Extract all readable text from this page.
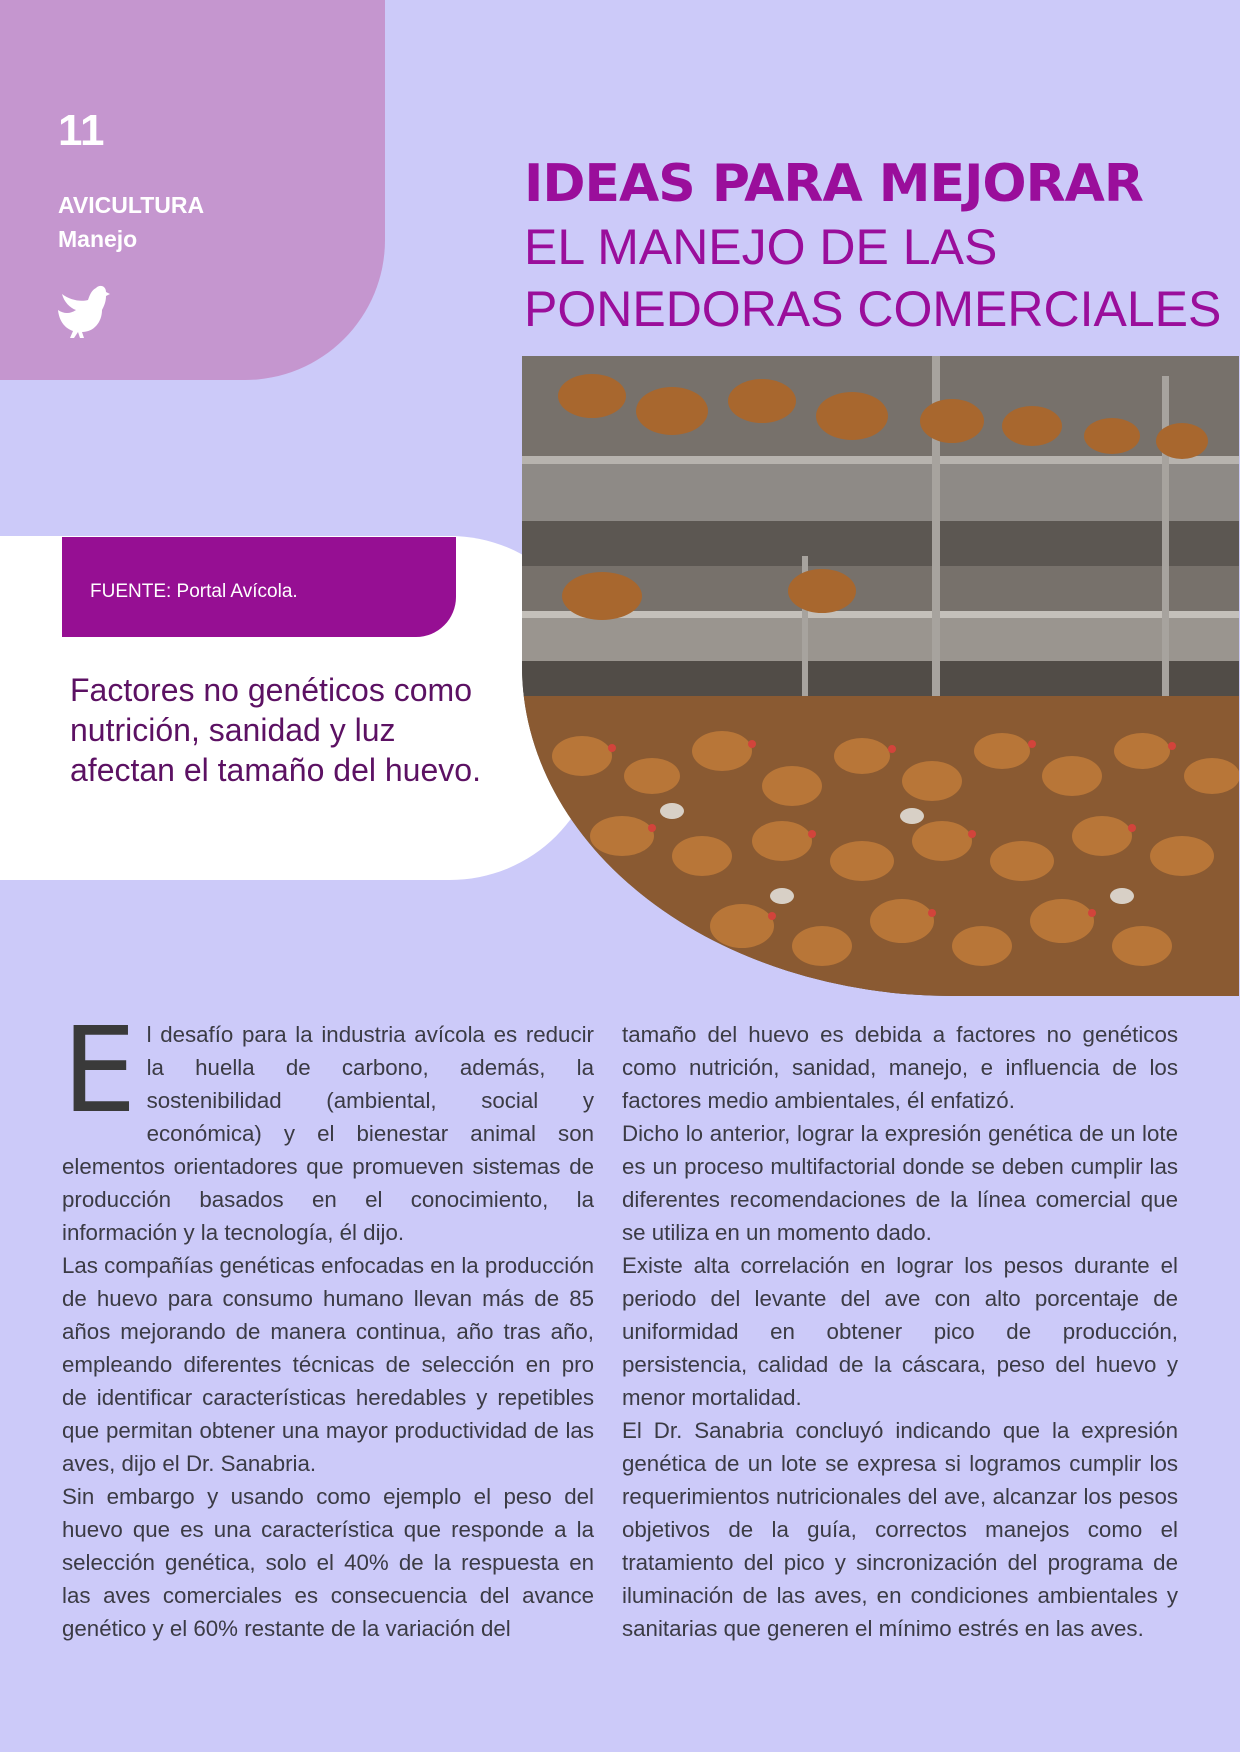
11
AVICULTURA
Manejo
IDEAS PARA MEJORAR
EL MANEJO DE LAS
PONEDORAS COMERCIALES
FUENTE: Portal Avícola.
Factores no genéticos como nutrición, sanidad y luz afectan el tamaño del huevo.

El desafío para la industria avícola es reducir la huella de carbono, además, la sostenibilidad (ambiental, social y económica) y el bienestar animal son elementos orientadores que promueven sistemas de producción basados en el conocimiento, la información y la tecnología, él dijo.

Las compañías genéticas enfocadas en la producción de huevo para consumo humano llevan más de 85 años mejorando de manera continua, año tras año, empleando diferentes técnicas de selección en pro de identificar características heredables y repetibles que permitan obtener una mayor productividad de las aves, dijo el Dr. Sanabria.

Sin embargo y usando como ejemplo el peso del huevo que es una característica que responde a la selección genética, solo el 40% de la respuesta en las aves comerciales es consecuencia del avance genético y el 60% restante de la variación del

tamaño del huevo es debida a factores no genéticos como nutrición, sanidad, manejo, e influencia de los factores medio ambientales, él enfatizó.

Dicho lo anterior, lograr la expresión genética de un lote es un proceso multifactorial donde se deben cumplir las diferentes recomendaciones de la línea comercial que se utiliza en un momento dado.

Existe alta correlación en lograr los pesos durante el periodo del levante del ave con alto porcentaje de uniformidad en obtener pico de producción, persistencia, calidad de la cáscara, peso del huevo y menor mortalidad.

El Dr. Sanabria concluyó indicando que la expresión genética de un lote se expresa si logramos cumplir los requerimientos nutricionales del ave, alcanzar los pesos objetivos de la guía, correctos manejos como el tratamiento del pico y sincronización del programa de iluminación de las aves, en condiciones ambientales y sanitarias que generen el mínimo estrés en las aves.
